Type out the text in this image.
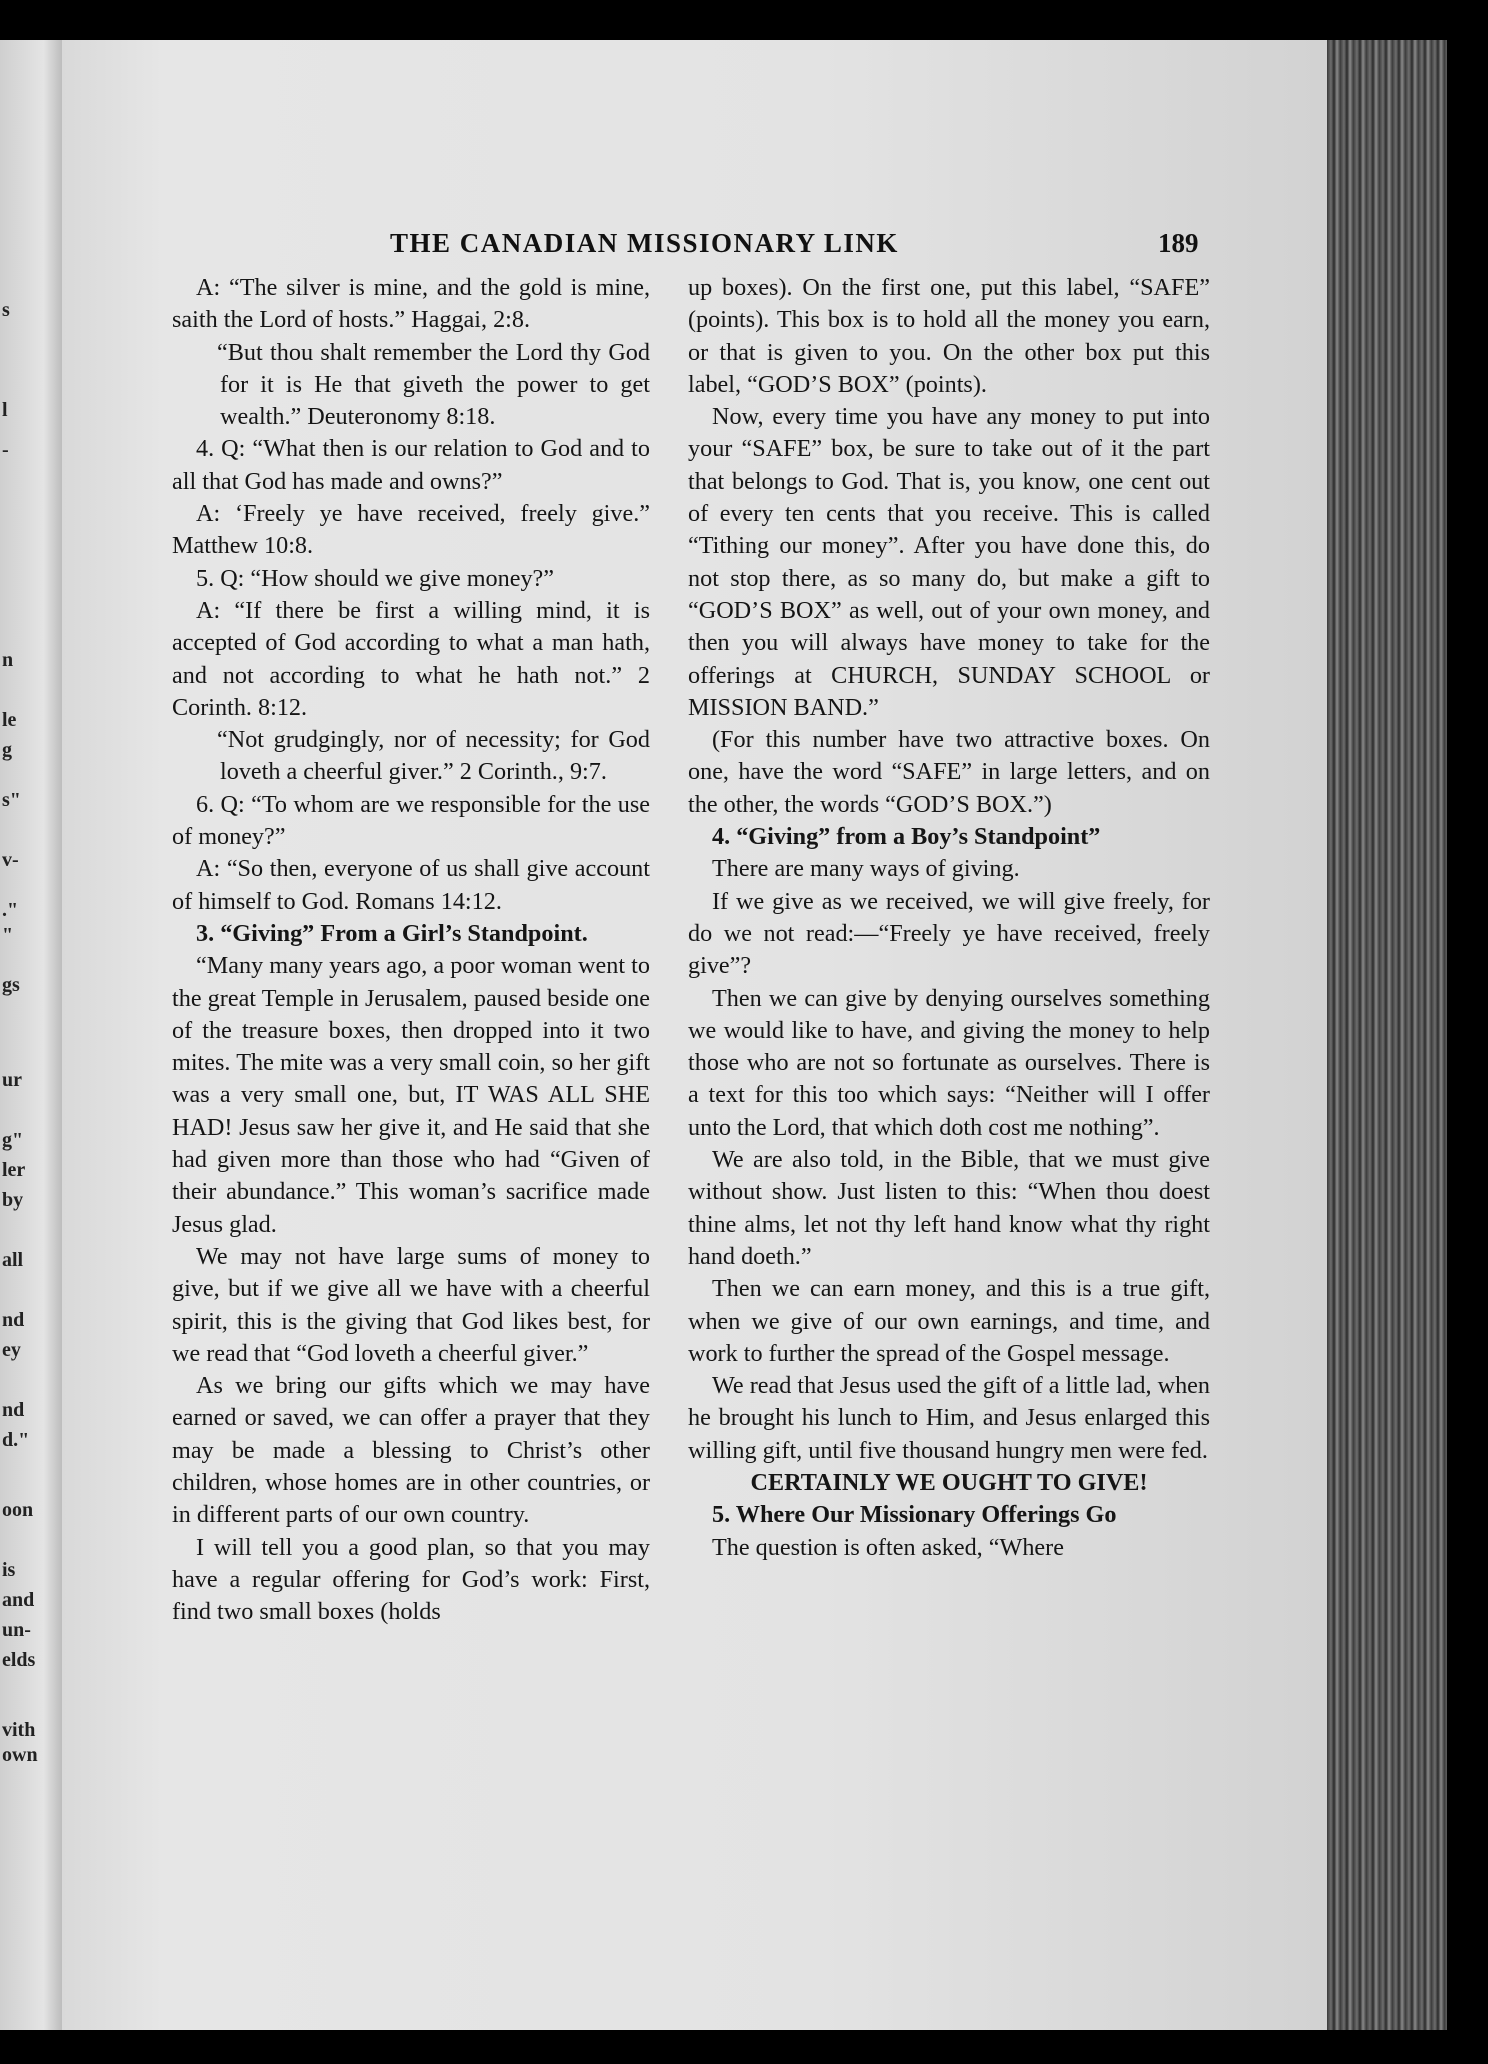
s
l
-
n
le
g
s"
v-
."
"
gs
ur
g"
ler
by
all
nd
ey
nd
d."
oon
is
and
un-
elds
vith
own
THE CANADIAN MISSIONARY LINK	189

A: “The silver is mine, and the gold is mine, saith the Lord of hosts.” Haggai, 2:8.

“But thou shalt remember the Lord thy God for it is He that giveth the power to get wealth.” Deuteronomy 8:18.

4. Q: “What then is our relation to God and to all that God has made and owns?”

A: ‘Freely ye have received, freely give.” Matthew 10:8.

5. Q: “How should we give money?”

A: “If there be first a willing mind, it is accepted of God according to what a man hath, and not according to what he hath not.” 2 Corinth. 8:12.

“Not grudgingly, nor of necessity; for God loveth a cheerful giver.” 2 Corinth., 9:7.

6. Q: “To whom are we responsible for the use of money?”

A: “So then, everyone of us shall give account of himself to God. Romans 14:12.

3. “Giving” From a Girl’s Standpoint.

“Many many years ago, a poor woman went to the great Temple in Jerusalem, paused beside one of the treasure boxes, then dropped into it two mites. The mite was a very small coin, so her gift was a very small one, but, IT WAS ALL SHE HAD! Jesus saw her give it, and He said that she had given more than those who had “Given of their abundance.” This woman’s sacrifice made Jesus glad.

We may not have large sums of money to give, but if we give all we have with a cheerful spirit, this is the giving that God likes best, for we read that “God loveth a cheerful giver.”

As we bring our gifts which we may have earned or saved, we can offer a prayer that they may be made a blessing to Christ’s other children, whose homes are in other countries, or in different parts of our own country.

I will tell you a good plan, so that you may have a regular offering for God’s work: First, find two small boxes (holds

up boxes). On the first one, put this label, “SAFE” (points). This box is to hold all the money you earn, or that is given to you. On the other box put this label, “GOD’S BOX” (points).

Now, every time you have any money to put into your “SAFE” box, be sure to take out of it the part that belongs to God. That is, you know, one cent out of every ten cents that you receive. This is called “Tithing our money”. After you have done this, do not stop there, as so many do, but make a gift to “GOD’S BOX” as well, out of your own money, and then you will always have money to take for the offerings at CHURCH, SUNDAY SCHOOL or MISSION BAND.”

(For this number have two attractive boxes. On one, have the word “SAFE” in large letters, and on the other, the words “GOD’S BOX.”)

4. “Giving” from a Boy’s Standpoint”

There are many ways of giving.

If we give as we received, we will give freely, for do we not read:—“Freely ye have received, freely give”?

Then we can give by denying ourselves something we would like to have, and giving the money to help those who are not so fortunate as ourselves. There is a text for this too which says: “Neither will I offer unto the Lord, that which doth cost me nothing”.

We are also told, in the Bible, that we must give without show. Just listen to this: “When thou doest thine alms, let not thy left hand know what thy right hand doeth.”

Then we can earn money, and this is a true gift, when we give of our own earnings, and time, and work to further the spread of the Gospel message.

We read that Jesus used the gift of a little lad, when he brought his lunch to Him, and Jesus enlarged this willing gift, until five thousand hungry men were fed.

CERTAINLY WE OUGHT TO GIVE!
5. Where Our Missionary Offerings Go

The question is often asked, “Where
